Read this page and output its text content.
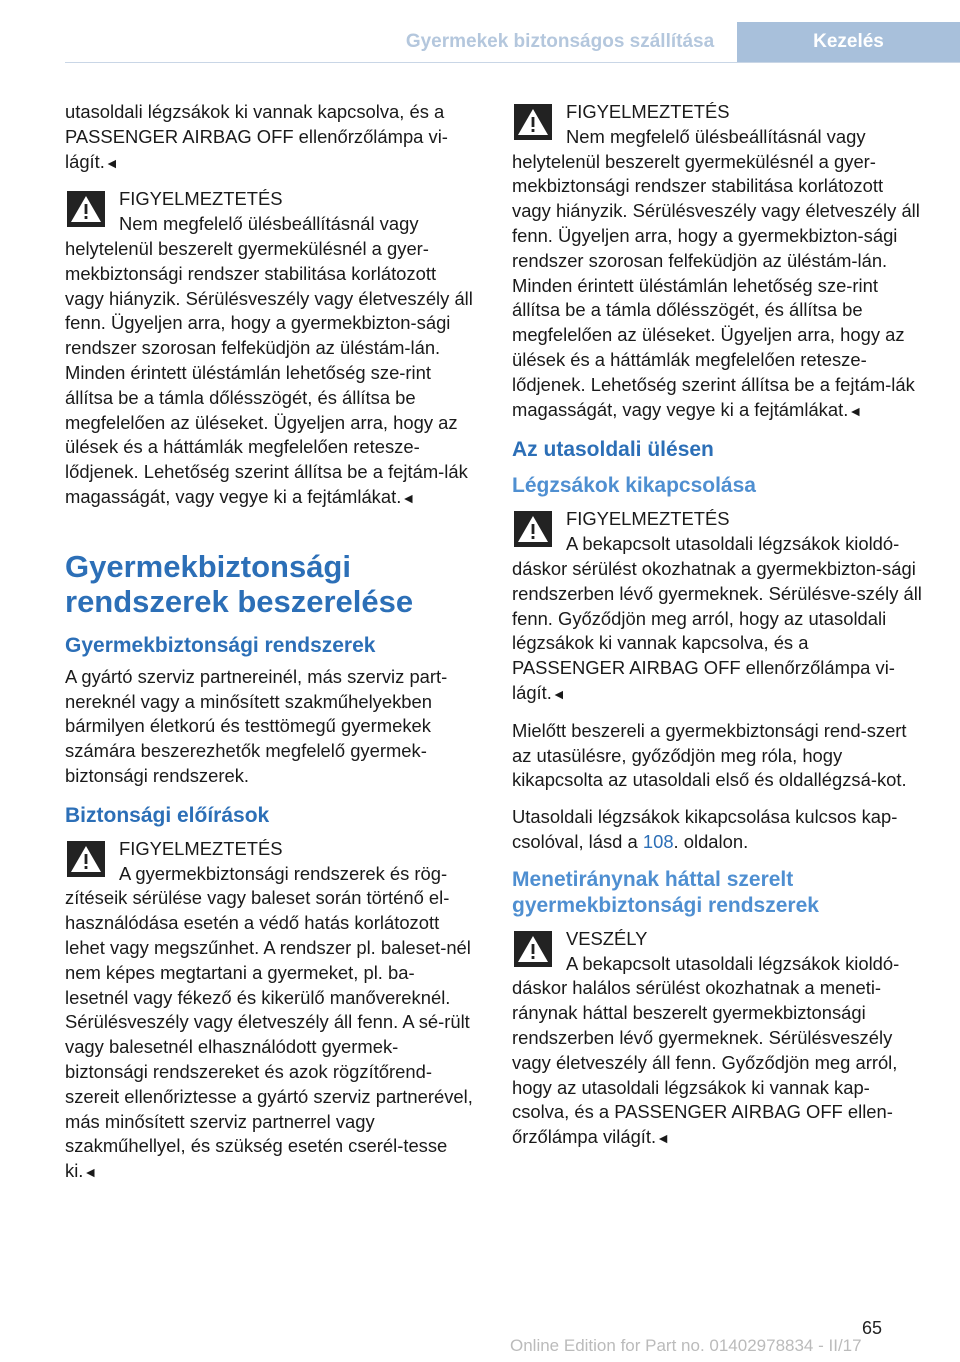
Gyermekek biztonságos szállítása	Kezelés

utasoldali légzsákok ki vannak kapcsolva, és a PASSENGER AIRBAG OFF ellenőrzőlámpa vi-lágít.◄

FIGYELMEZTETÉS
Nem megfelelő ülésbeállításnál vagy helytelenül beszerelt gyermekülésnél a gyer-mekbiztonsági rendszer stabilitása korlátozott vagy hiányzik. Sérülésveszély vagy életveszély áll fenn. Ügyeljen arra, hogy a gyermekbizton-sági rendszer szorosan felfeküdjön az üléstám-lán. Minden érintett üléstámlán lehetőség sze-rint állítsa be a támla dőlésszögét, és állítsa be megfelelően az üléseket. Ügyeljen arra, hogy az ülések és a háttámlák megfelelően retesze-lődjenek. Lehetőség szerint állítsa be a fejtám-lák magasságát, vagy vegye ki a fejtámlákat.◄
Gyermekbiztonsági rendszerek beszerelése
Gyermekbiztonsági rendszerek

A gyártó szerviz partnereinél, más szerviz part-nereknél vagy a minősített szakműhelyekben bármilyen életkorú és testtömegű gyermekek számára beszerezhetők megfelelő gyermek-biztonsági rendszerek.

Biztonsági előírások
FIGYELMEZTETÉS
A gyermekbiztonsági rendszerek és rög-zítéseik sérülése vagy baleset során történő el-használódása esetén a védő hatás korlátozott lehet vagy megszűnhet. A rendszer pl. baleset-nél nem képes megtartani a gyermeket, pl. ba-lesetnél vagy fékező és kikerülő manővereknél. Sérülésveszély vagy életveszély áll fenn. A sé-rült vagy balesetnél elhasználódott gyermek-biztonsági rendszereket és azok rögzítőrend-szereit ellenőriztesse a gyártó szerviz partnerével, más minősített szerviz partnerrel vagy szakműhellyel, és szükség esetén cserél-tesse ki.◄
FIGYELMEZTETÉS
Nem megfelelő ülésbeállításnál vagy helytelenül beszerelt gyermekülésnél a gyer-mekbiztonsági rendszer stabilitása korlátozott vagy hiányzik. Sérülésveszély vagy életveszély áll fenn. Ügyeljen arra, hogy a gyermekbizton-sági rendszer szorosan felfeküdjön az üléstám-lán. Minden érintett üléstámlán lehetőség sze-rint állítsa be a támla dőlésszögét, és állítsa be megfelelően az üléseket. Ügyeljen arra, hogy az ülések és a háttámlák megfelelően retesze-lődjenek. Lehetőség szerint állítsa be a fejtám-lák magasságát, vagy vegye ki a fejtámlákat.◄
Az utasoldali ülésen
Légzsákok kikapcsolása
FIGYELMEZTETÉS
A bekapcsolt utasoldali légzsákok kioldó-dáskor sérülést okozhatnak a gyermekbizton-sági rendszerben lévő gyermeknek. Sérülésve-szély áll fenn. Győződjön meg arról, hogy az utasoldali légzsákok ki vannak kapcsolva, és a PASSENGER AIRBAG OFF ellenőrzőlámpa vi-lágít.◄

Mielőtt beszereli a gyermekbiztonsági rend-szert az utasülésre, győződjön meg róla, hogy kikapcsolta az utasoldali első és oldallégzsá-kot.

Utasoldali légzsákok kikapcsolása kulcsos kap-csolóval, lásd a 108. oldalon.

Menetiránynak háttal szerelt gyermekbiztonsági rendszerek
VESZÉLY
A bekapcsolt utasoldali légzsákok kioldó-dáskor halálos sérülést okozhatnak a meneti-ránynak háttal beszerelt gyermekbiztonsági rendszerben lévő gyermeknek. Sérülésveszély vagy életveszély áll fenn. Győződjön meg arról, hogy az utasoldali légzsákok ki vannak kap-csolva, és a PASSENGER AIRBAG OFF ellen-őrzőlámpa világít.◄
65
Online Edition for Part no. 01402978834 - II/17
